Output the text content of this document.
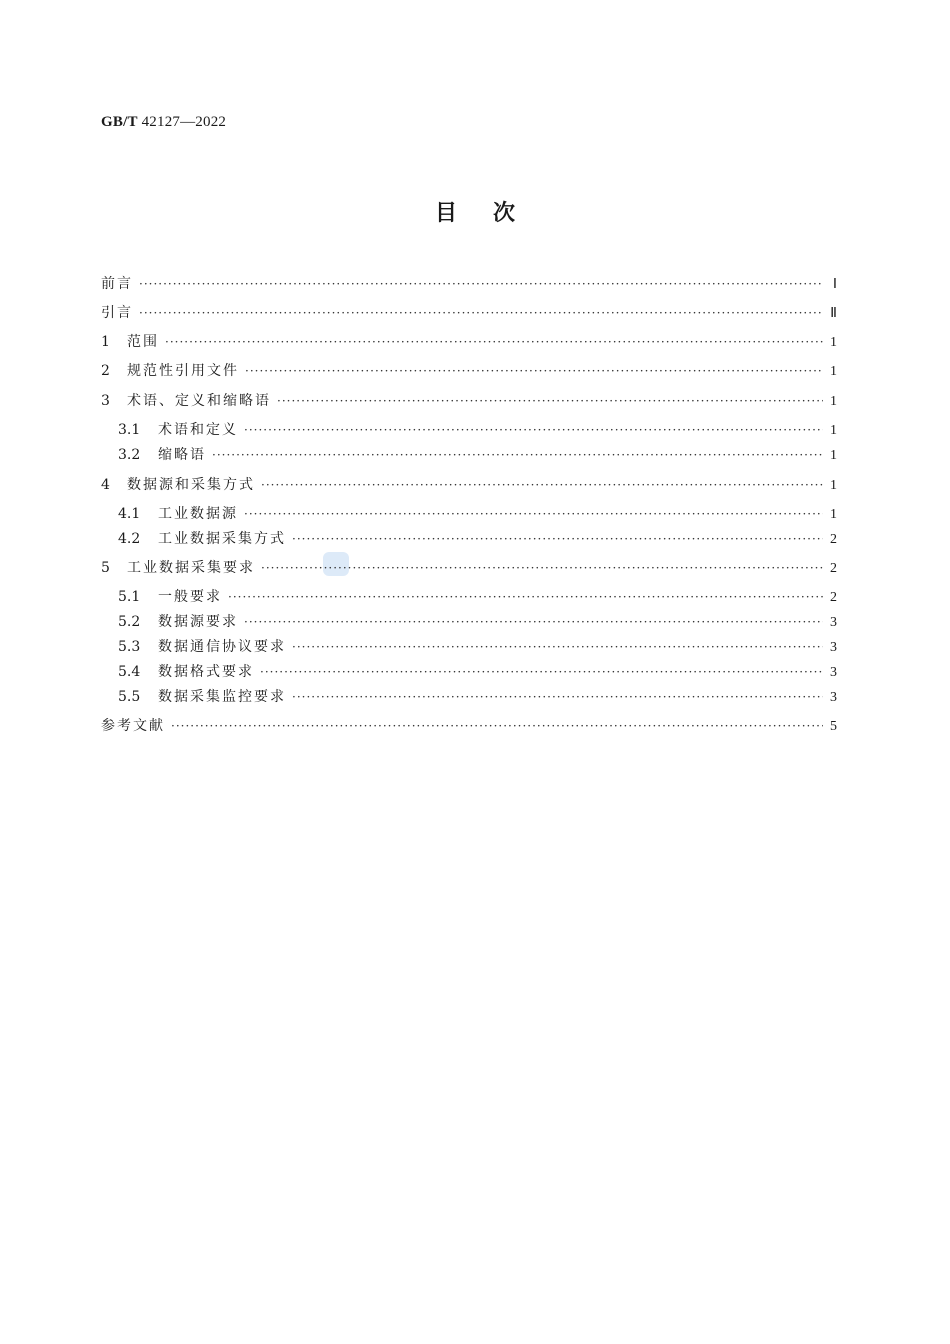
GB/T 42127—2022
目次
前言 ·····	Ⅰ
引言 ·····	Ⅱ
1	范围 ·····	1
2	规范性引用文件 ·····	1
3	术语、定义和缩略语 ·····	1
3.1	术语和定义 ·····	1
3.2	缩略语 ·····	1
4	数据源和采集方式 ·····	1
4.1	工业数据源 ·····	1
4.2	工业数据采集方式 ·····	2
5	工业数据采集要求 ·····	2
5.1	一般要求 ·····	2
5.2	数据源要求 ·····	3
5.3	数据通信协议要求 ·····	3
5.4	数据格式要求 ·····	3
5.5	数据采集监控要求 ·····	3
参考文献 ·····	5
